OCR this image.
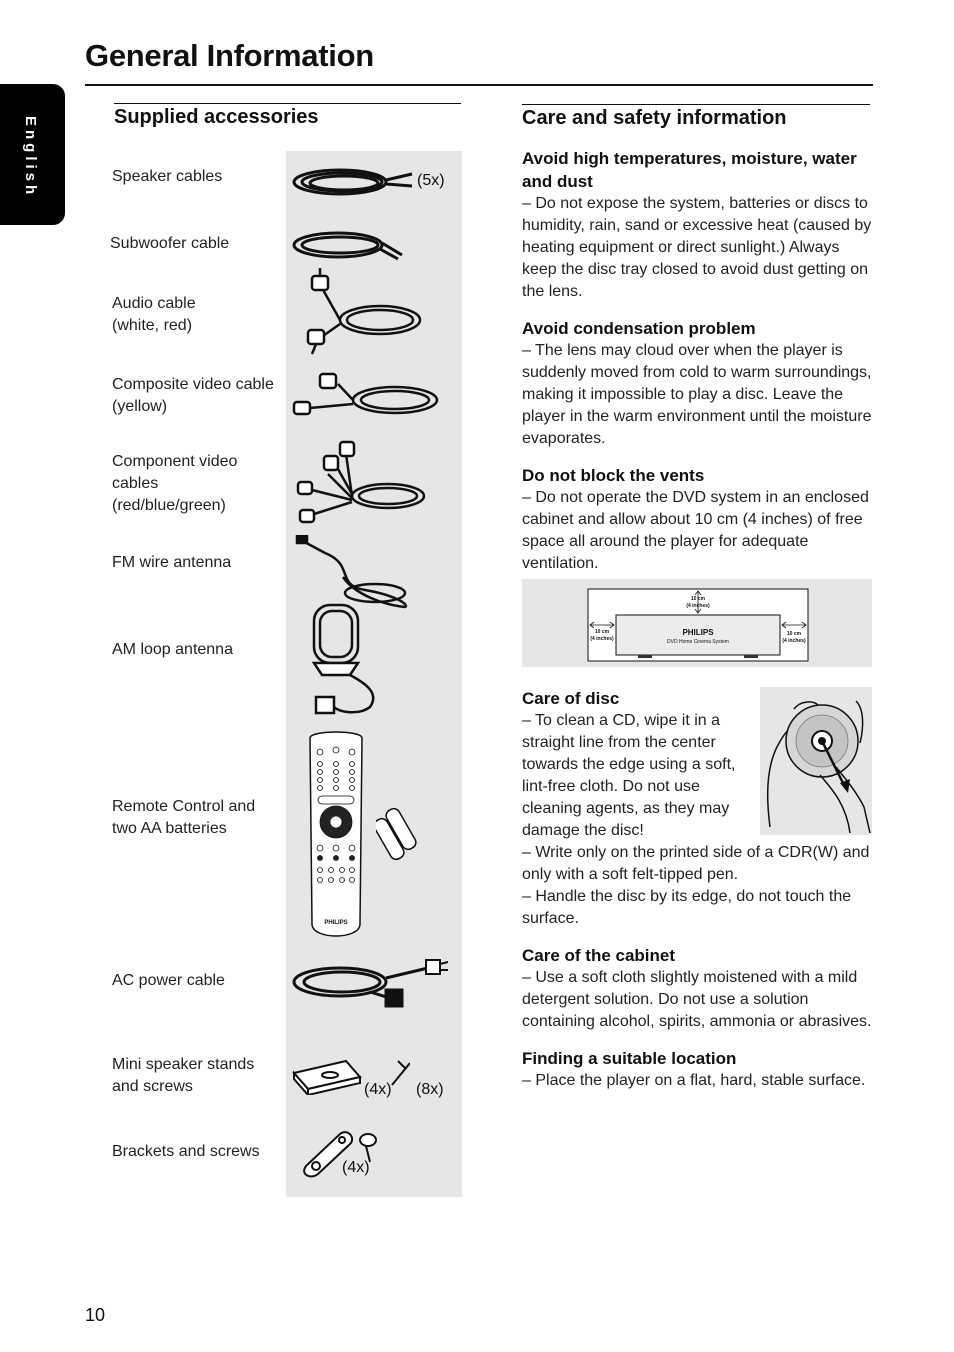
General Information
English	Supplied accessories
Speaker cables
Subwoofer cable
Audio cable
(white, red)
Composite video cable
(yellow)
Component video
cables
(red/blue/green)
FM wire antenna
AM loop antenna
Remote Control and
two AA batteries
AC power cable
Mini speaker stands
and screws
Brackets and screws
(5x)
(4x) (8x)
(4x)
PHILIPS
Care and safety information
Avoid high temperatures, moisture, water and dust

– Do not expose the system, batteries or discs to humidity, rain, sand or excessive heat (caused by heating equipment or direct sunlight.) Always keep the disc tray closed to avoid dust getting on the lens.

Avoid condensation problem

– The lens may cloud over when the player is suddenly moved from cold to warm surroundings, making it impossible to play a disc. Leave the player in the warm environment until the moisture evaporates.

Do not block the vents

– Do not operate the DVD system in an enclosed cabinet and allow about 10 cm (4 inches) of free space all around the player for adequate ventilation.

10 cm
(4 inches)
10 cm
(4 inches)
10 cm
(4 inches)
PHILIPS
DVD Home Cinema System
Care of disc

– To clean a CD, wipe it in a straight line from the center towards the edge using a soft, lint-free cloth. Do not use cleaning agents, as they may damage the disc!

– Write only on the printed side of a CDR(W) and only with a soft felt-tipped pen.

– Handle the disc by its edge, do not touch the surface.

Care of the cabinet

– Use a soft cloth slightly moistened with a mild detergent solution. Do not use a solution containing alcohol, spirits, ammonia or abrasives.

Finding a suitable location

– Place the player on a flat, hard, stable surface.

10
